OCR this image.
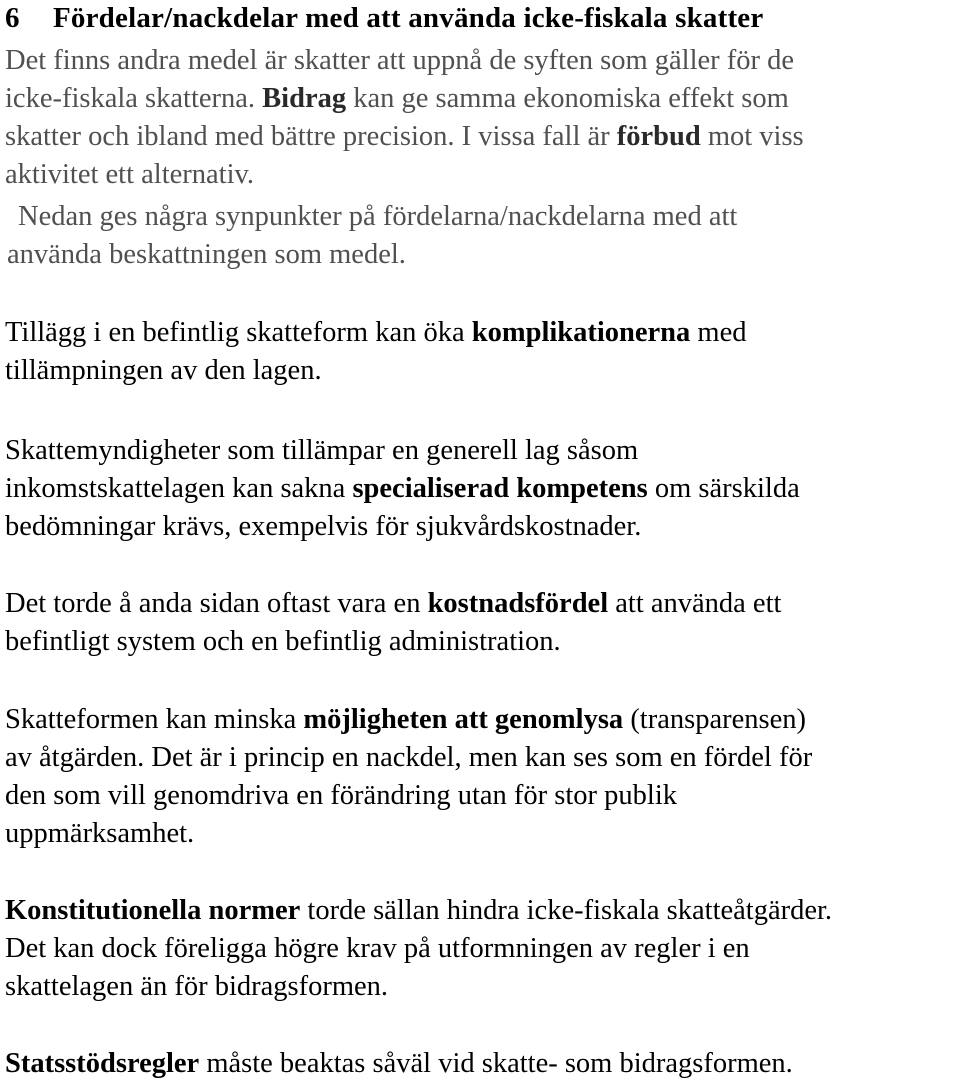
6 Fördelar/nackdelar med att använda icke-fiskala skatter

Det finns andra medel är skatter att uppnå de syften som gäller för de
icke-fiskala skatterna. Bidrag kan ge samma ekonomiska effekt som
skatter och ibland med bättre precision. I vissa fall är förbud mot viss
aktivitet ett alternativ.

Nedan ges några synpunkter på fördelarna/nackdelarna med att
använda beskattningen som medel.

Tillägg i en befintlig skatteform kan öka komplikationerna med
tillämpningen av den lagen.

Skattemyndigheter som tillämpar en generell lag såsom
inkomstskattelagen kan sakna specialiserad kompetens om särskilda
bedömningar krävs, exempelvis för sjukvårdskostnader.

Det torde å anda sidan oftast vara en kostnadsfördel att använda ett
befintligt system och en befintlig administration.

Skatteformen kan minska möjligheten att genomlysa (transparensen)
av åtgärden. Det är i princip en nackdel, men kan ses som en fördel för
den som vill genomdriva en förändring utan för stor publik
uppmärksamhet.

Konstitutionella normer torde sällan hindra icke-fiskala skatteåtgärder.
Det kan dock föreligga högre krav på utformningen av regler i en
skattelagen än för bidragsformen.

Statsstödsregler måste beaktas såväl vid skatte- som bidragsformen.
